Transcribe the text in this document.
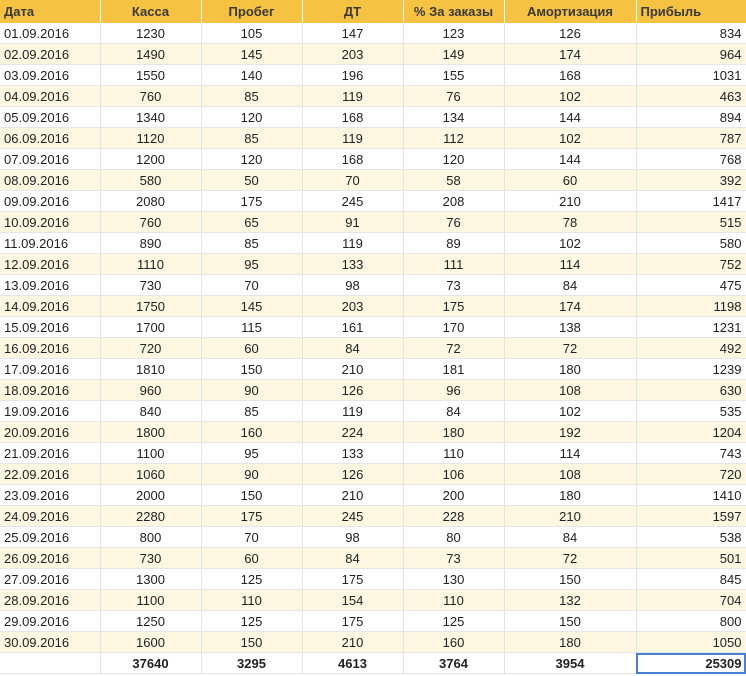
Дата	Касса	Пробег	ДТ	% За заказы	Амортизация	Прибыль
01.09.2016	1230	105	147	123	126	834
02.09.2016	1490	145	203	149	174	964
03.09.2016	1550	140	196	155	168	1031
04.09.2016	760	85	119	76	102	463
05.09.2016	1340	120	168	134	144	894
06.09.2016	1120	85	119	112	102	787
07.09.2016	1200	120	168	120	144	768
08.09.2016	580	50	70	58	60	392
09.09.2016	2080	175	245	208	210	1417
10.09.2016	760	65	91	76	78	515
11.09.2016	890	85	119	89	102	580
12.09.2016	1110	95	133	111	114	752
13.09.2016	730	70	98	73	84	475
14.09.2016	1750	145	203	175	174	1198
15.09.2016	1700	115	161	170	138	1231
16.09.2016	720	60	84	72	72	492
17.09.2016	1810	150	210	181	180	1239
18.09.2016	960	90	126	96	108	630
19.09.2016	840	85	119	84	102	535
20.09.2016	1800	160	224	180	192	1204
21.09.2016	1100	95	133	110	114	743
22.09.2016	1060	90	126	106	108	720
23.09.2016	2000	150	210	200	180	1410
24.09.2016	2280	175	245	228	210	1597
25.09.2016	800	70	98	80	84	538
26.09.2016	730	60	84	73	72	501
27.09.2016	1300	125	175	130	150	845
28.09.2016	1100	110	154	110	132	704
29.09.2016	1250	125	175	125	150	800
30.09.2016	1600	150	210	160	180	1050
	37640	3295	4613	3764	3954	25309
